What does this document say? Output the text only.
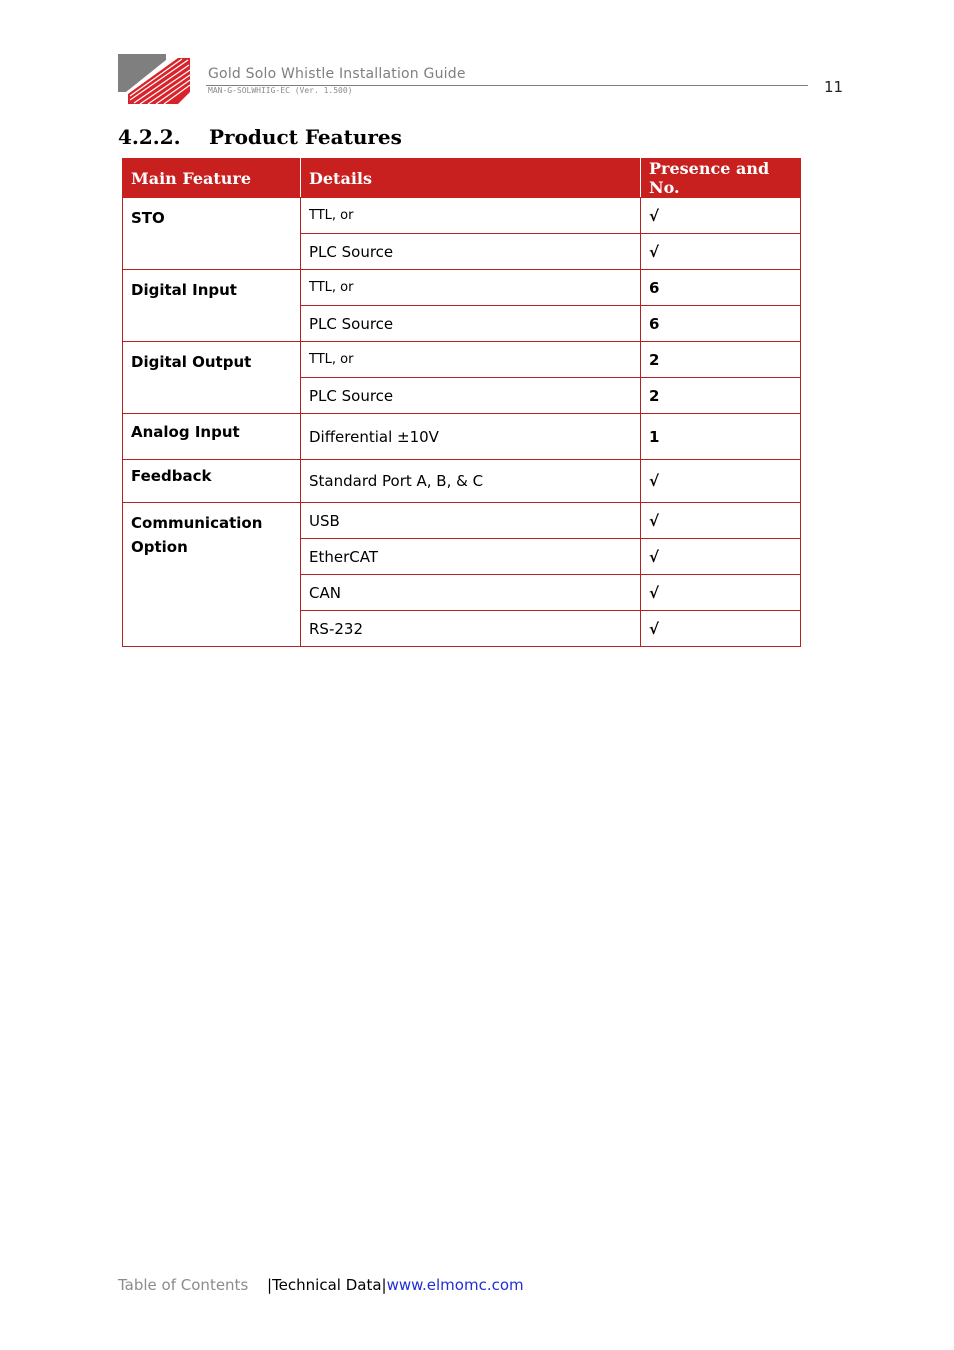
Gold Solo Whistle Installation Guide
MAN-G-SOLWHIIG-EC (Ver. 1.500)	11
4.2.2. Product Features
Main Feature	Details	Presence and No.
STO	TTL, or	√
	PLC Source	√
Digital Input	TTL, or	6
	PLC Source	6
Digital Output	TTL, or	2
	PLC Source	2
Analog Input	Differential ±10V	1
Feedback	Standard Port A, B, & C	√
Communication Option	USB	√
	EtherCAT	√
	CAN	√
	RS-232	√
Table of Contents |Technical Data|www.elmomc.com
